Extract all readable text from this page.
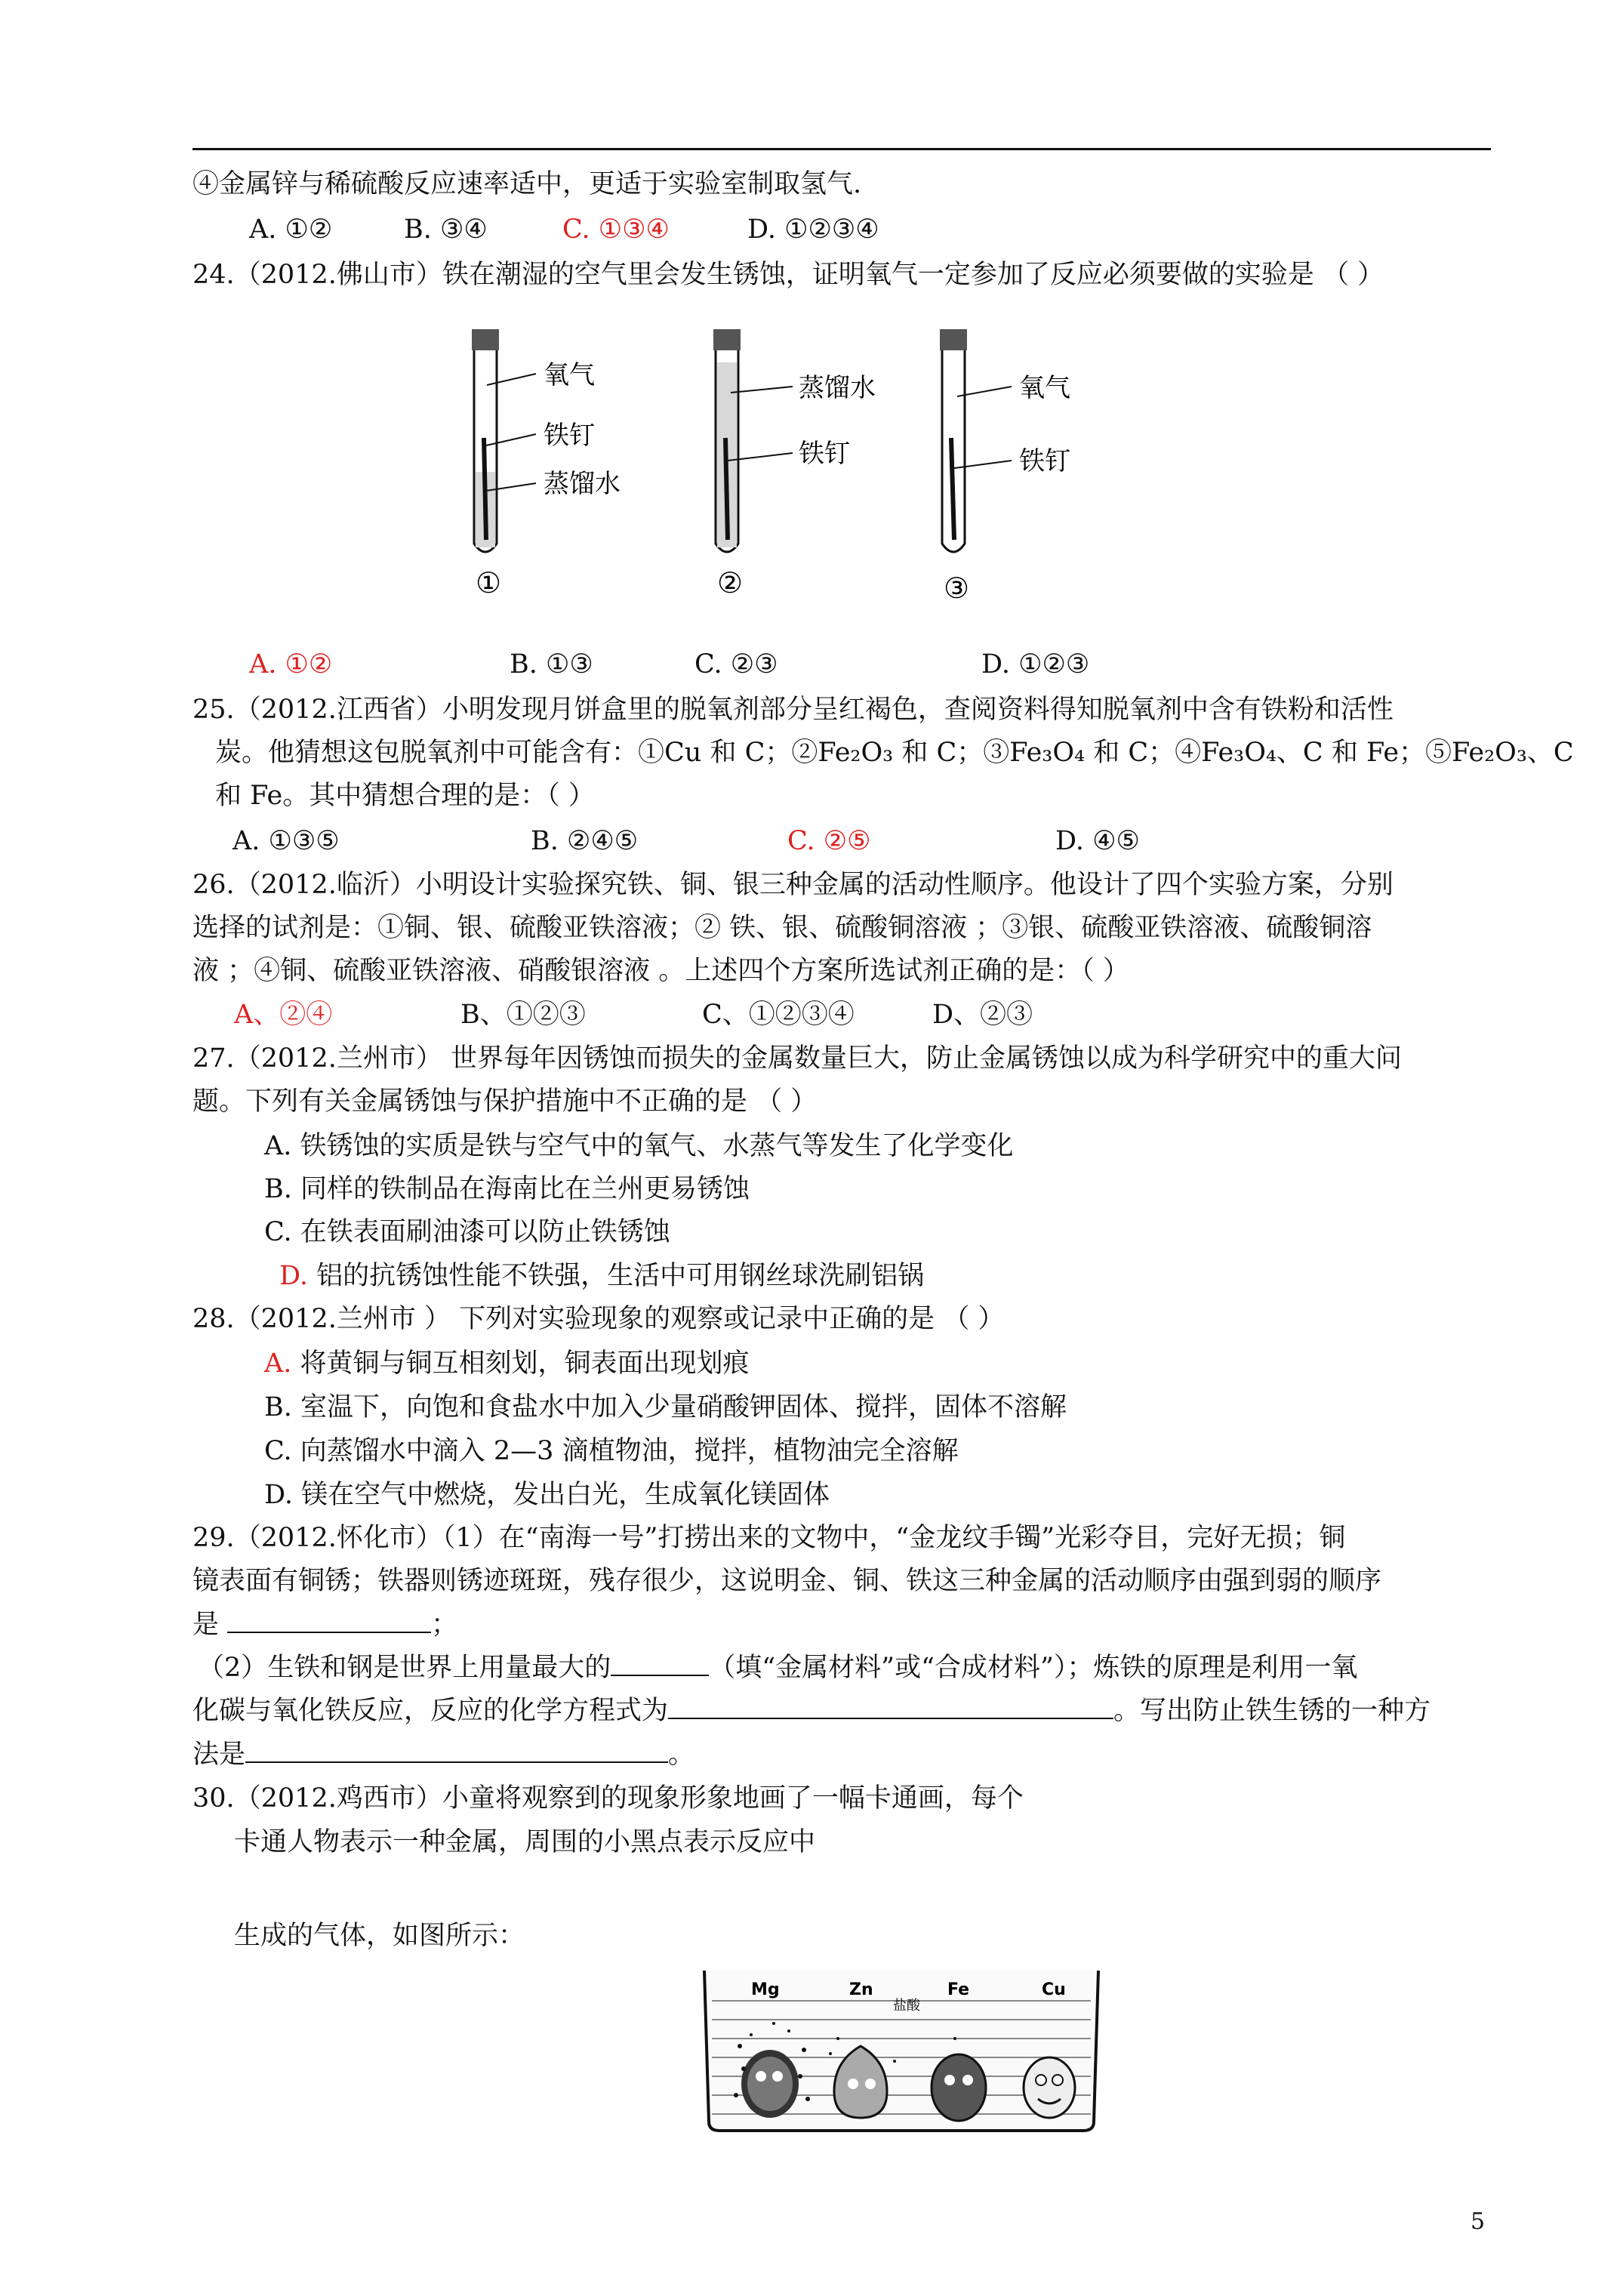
④金属锌与稀硫酸反应速率适中，更适于实验室制取氢气.
A. ①②	B. ③④	C. ①③④	D. ①②③④
24.（2012.佛山市）铁在潮湿的空气里会发生锈蚀，证明氧气一定参加了反应必须要做的实验是 （ ）
氧气
铁钉
蒸馏水
①
蒸馏水
铁钉
②
氧气
铁钉
③
A. ①②	B. ①③	C. ②③	D. ①②③
25.（2012.江西省）小明发现月饼盒里的脱氧剂部分呈红褐色，查阅资料得知脱氧剂中含有铁粉和活性
炭。他猜想这包脱氧剂中可能含有：①Cu 和 C；②Fe₂O₃ 和 C；③Fe₃O₄ 和 C；④Fe₃O₄、C 和 Fe；⑤Fe₂O₃、C
和 Fe。其中猜想合理的是：（ ）
A. ①③⑤	B. ②④⑤	C. ②⑤	D. ④⑤
26.（2012.临沂）小明设计实验探究铁、铜、银三种金属的活动性顺序。他设计了四个实验方案，分别
选择的试剂是：①铜、银、硫酸亚铁溶液；② 铁、银、硫酸铜溶液 ；③银、硫酸亚铁溶液、硫酸铜溶
液 ；④铜、硫酸亚铁溶液、硝酸银溶液 。上述四个方案所选试剂正确的是：（ ）
A、②④	B、①②③	C、①②③④	D、②③
27.（2012.兰州市） 世界每年因锈蚀而损失的金属数量巨大，防止金属锈蚀以成为科学研究中的重大问
题。下列有关金属锈蚀与保护措施中不正确的是 （ ）
A. 铁锈蚀的实质是铁与空气中的氧气、水蒸气等发生了化学变化
B. 同样的铁制品在海南比在兰州更易锈蚀
C. 在铁表面刷油漆可以防止铁锈蚀
D. 铝的抗锈蚀性能不铁强，生活中可用钢丝球洗刷铝锅
28.（2012.兰州市 ） 下列对实验现象的观察或记录中正确的是 （ ）
A. 将黄铜与铜互相刻划，铜表面出现划痕
B. 室温下，向饱和食盐水中加入少量硝酸钾固体、搅拌，固体不溶解
C. 向蒸馏水中滴入 2—3 滴植物油，搅拌，植物油完全溶解
D. 镁在空气中燃烧，发出白光，生成氧化镁固体
29.（2012.怀化市）（1）在“南海一号”打捞出来的文物中，“金龙纹手镯”光彩夺目，完好无损；铜
镜表面有铜锈；铁器则锈迹斑斑，残存很少，这说明金、铜、铁这三种金属的活动顺序由强到弱的顺序
是	；
（2）生铁和钢是世界上用量最大的	（填“金属材料”或“合成材料”）；炼铁的原理是利用一氧
化碳与氧化铁反应，反应的化学方程式为	。写出防止铁生锈的一种方
法是	。
30.（2012.鸡西市）小童将观察到的现象形象地画了一幅卡通画，每个
卡通人物表示一种金属，周围的小黑点表示反应中
生成的气体，如图所示：
Mg	Zn	Fe	Cu
盐酸
5
